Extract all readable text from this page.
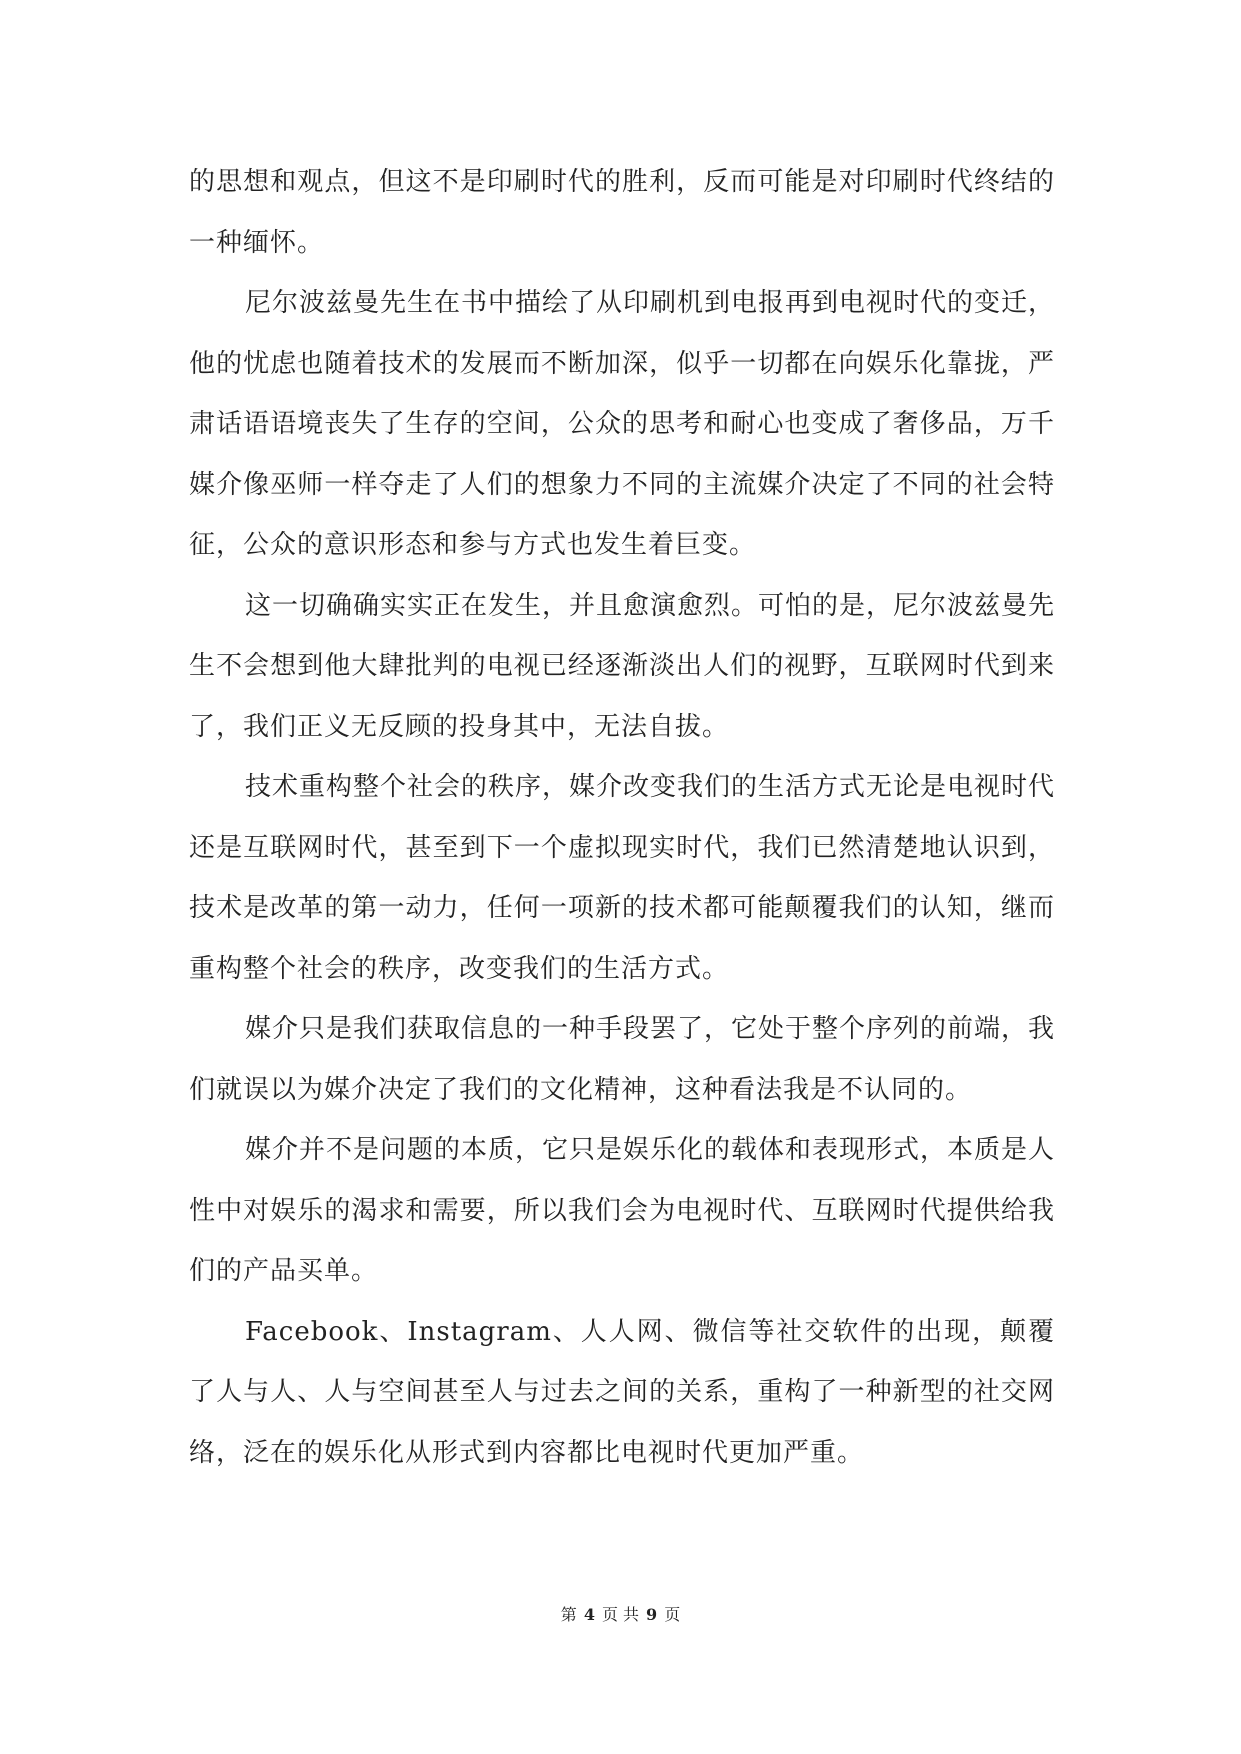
的思想和观点，但这不是印刷时代的胜利，反而可能是对印刷时代终结的一种缅怀。

尼尔波兹曼先生在书中描绘了从印刷机到电报再到电视时代的变迁，他的忧虑也随着技术的发展而不断加深，似乎一切都在向娱乐化靠拢，严肃话语语境丧失了生存的空间，公众的思考和耐心也变成了奢侈品，万千媒介像巫师一样夺走了人们的想象力不同的主流媒介决定了不同的社会特征，公众的意识形态和参与方式也发生着巨变。

这一切确确实实正在发生，并且愈演愈烈。可怕的是，尼尔波兹曼先生不会想到他大肆批判的电视已经逐渐淡出人们的视野，互联网时代到来了，我们正义无反顾的投身其中，无法自拔。

技术重构整个社会的秩序，媒介改变我们的生活方式无论是电视时代还是互联网时代，甚至到下一个虚拟现实时代，我们已然清楚地认识到，技术是改革的第一动力，任何一项新的技术都可能颠覆我们的认知，继而重构整个社会的秩序，改变我们的生活方式。

媒介只是我们获取信息的一种手段罢了，它处于整个序列的前端，我们就误以为媒介决定了我们的文化精神，这种看法我是不认同的。

媒介并不是问题的本质，它只是娱乐化的载体和表现形式，本质是人性中对娱乐的渴求和需要，所以我们会为电视时代、互联网时代提供给我们的产品买单。

Facebook、Instagram、人人网、微信等社交软件的出现，颠覆了人与人、人与空间甚至人与过去之间的关系，重构了一种新型的社交网络，泛在的娱乐化从形式到内容都比电视时代更加严重。

第 4 页 共 9 页
